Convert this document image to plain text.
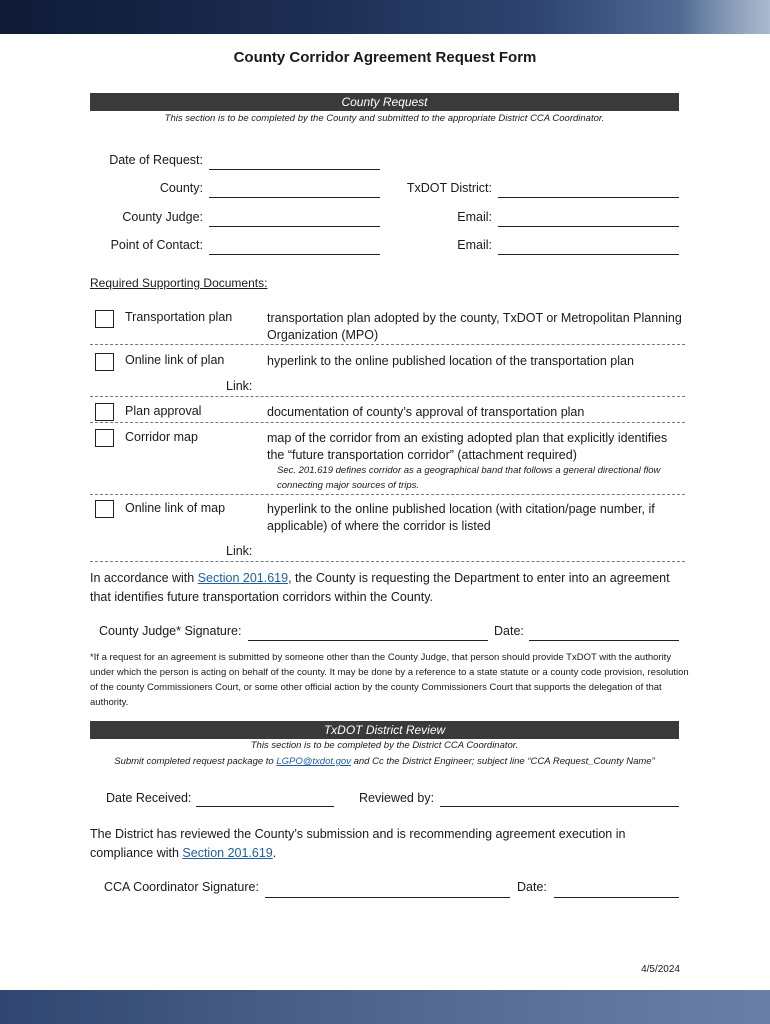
County Corridor Agreement Request Form
County Request
This section is to be completed by the County and submitted to the appropriate District CCA Coordinator.
Date of Request:
County:	TxDOT District:
County Judge:	Email:
Point of Contact:	Email:
Required Supporting Documents:
Transportation plan	transportation plan adopted by the county, TxDOT or Metropolitan Planning Organization (MPO)
Online link of plan	hyperlink to the online published location of the transportation plan
Link:
Plan approval	documentation of county’s approval of transportation plan
Corridor map	map of the corridor from an existing adopted plan that explicitly identifies the “future transportation corridor” (attachment required)
Sec. 201.619 defines corridor as a geographical band that follows a general directional flow connecting major sources of trips.
Online link of map	hyperlink to the online published location (with citation/page number, if applicable) of where the corridor is listed
Link:
In accordance with Section 201.619, the County is requesting the Department to enter into an agreement that identifies future transportation corridors within the County.
County Judge* Signature:	Date:
*If a request for an agreement is submitted by someone other than the County Judge, that person should provide TxDOT with the authority under which the person is acting on behalf of the county. It may be done by a reference to a state statute or a county code provision, resolution of the county Commissioners Court, or some other official action by the county Commissioners Court that supports the delegation of that authority.
TxDOT District Review
This section is to be completed by the District CCA Coordinator.
Submit completed request package to LGPO@txdot.gov and Cc the District Engineer; subject line “CCA Request_County Name”
Date Received:	Reviewed by:
The District has reviewed the County’s submission and is recommending agreement execution in compliance with Section 201.619.
CCA Coordinator Signature:	Date:
4/5/2024
